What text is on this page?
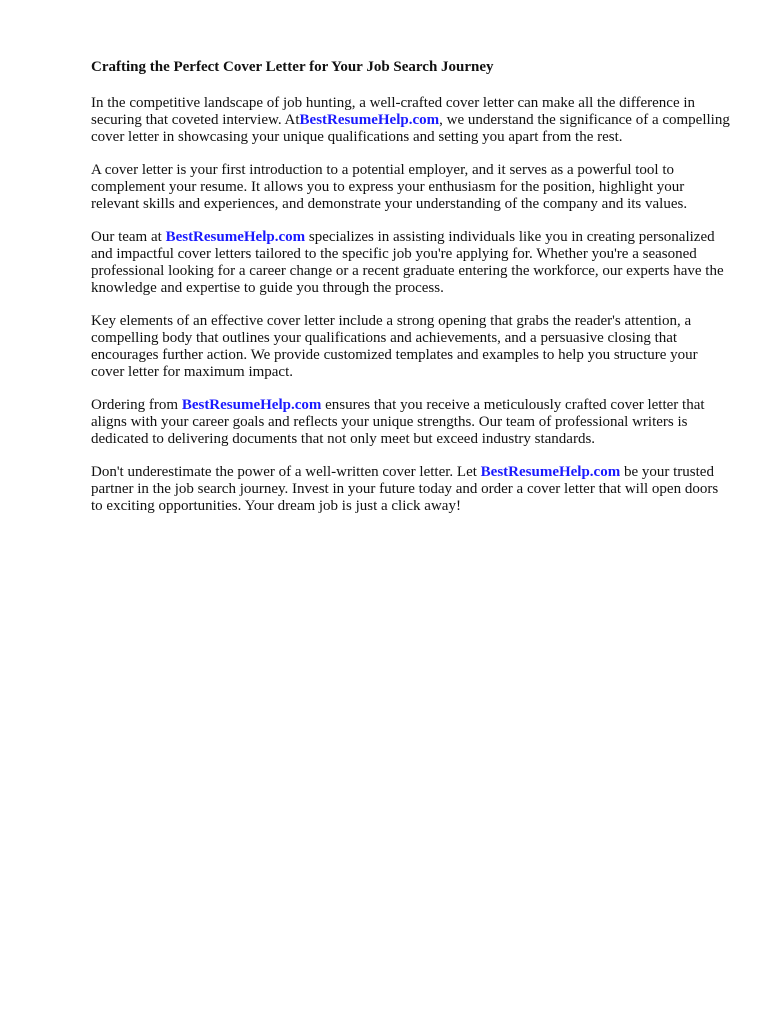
Crafting the Perfect Cover Letter for Your Job Search Journey

In the competitive landscape of job hunting, a well-crafted cover letter can make all the difference in securing that coveted interview. AtBestResumeHelp.com, we understand the significance of a compelling cover letter in showcasing your unique qualifications and setting you apart from the rest.

A cover letter is your first introduction to a potential employer, and it serves as a powerful tool to complement your resume. It allows you to express your enthusiasm for the position, highlight your relevant skills and experiences, and demonstrate your understanding of the company and its values.

Our team at BestResumeHelp.com specializes in assisting individuals like you in creating personalized and impactful cover letters tailored to the specific job you're applying for. Whether you're a seasoned professional looking for a career change or a recent graduate entering the workforce, our experts have the knowledge and expertise to guide you through the process.

Key elements of an effective cover letter include a strong opening that grabs the reader's attention, a compelling body that outlines your qualifications and achievements, and a persuasive closing that encourages further action. We provide customized templates and examples to help you structure your cover letter for maximum impact.

Ordering from BestResumeHelp.com ensures that you receive a meticulously crafted cover letter that aligns with your career goals and reflects your unique strengths. Our team of professional writers is dedicated to delivering documents that not only meet but exceed industry standards.

Don't underestimate the power of a well-written cover letter. Let BestResumeHelp.com be your trusted partner in the job search journey. Invest in your future today and order a cover letter that will open doors to exciting opportunities. Your dream job is just a click away!
